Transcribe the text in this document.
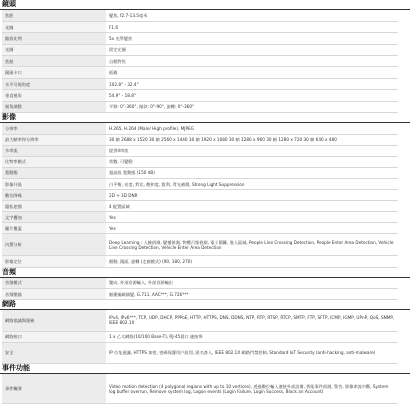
鏡頭
焦距	變焦, f2.7-13.5毫米
光圈	F1.6
縮放比例	5x 光學變焦
光圈	固定光圈
焦點	自動對焦
鏡頭卡口	板載
水平可視角度	102.8° - 32.4°
垂直視角	54.9° - 18.8°
視角調整	平移: 0°-360°, 傾斜: 0°-90°, 旋轉: 0°-360°
影像
分辨率	H.265, H.264 (Main/ High profile), MJPEG
最大幀率和分辨率	30 幀 2688 x 1520 30 幀 2560 x 1440 30 幀 1920 x 1080 30 幀 1280 x 960 30 幀 1280 x 720 30 幀 640 x 480
多串流	提供4串流
比特率模式	常數, 可變動
寬動態	超高級 寬動態 (150 dB)
影像升級	白平衡, 亮度, 對比, 飽和度, 銳利, 背光補償, Strong Light Suppression
數位降噪	2D + 3D DNR
隱私遮擋	4 配置區域
文字疊加	Yes
圖片覆蓋	Yes
內置分析	Deep Learning : 人臉偵測, 變種偵測, 物體召集偵測, 電子圍籬, 進入區域, People Line Crossing Detection, People Enter Area Detection, Vehicle Line Crossing Detection, Vehicle Enter Area Detection
影像定位	顛動, 鏡面, 旋轉 (走廊模式) (90, 180, 270)
音頻
音頻模式	雙向, 外部音源輸入, 外部音源輸出
音頻壓縮	脈衝編碼調變, G.711, AAC***, G.726***
網路
網路協議與服務	IPv4, IPv6***, TCP, UDP, DHCP, PPPoE, HTTP, HTTPS, DNS, DDNS, NTP, RTP, RTSP, RTCP, SMTP, FTP, SFTP, ICMP, IGMP, UPnP, QoS, SNMP, IEEE 802.1X
網路接口	1 x 乙太網路(10/100 Base-T), RJ-45插口 連接埠
安全	IP 位址過濾, HTTPS 加密, 密碼保護用戶級別, 匿名查入, IEEE 802.1X 網路門禁控制, Standard IoT Security (anti-hacking, anti-malware)
事件功能
事件觸發	Video motion detection (4 polygonal regions with up to 10 vertices), 透過數位輸入連接外部設備, 智能事件偵測, 警告, 影像串流中斷, System log buffer overrun, Remove system log, Logon events (Login Failure, Login Success, Block an Account)
